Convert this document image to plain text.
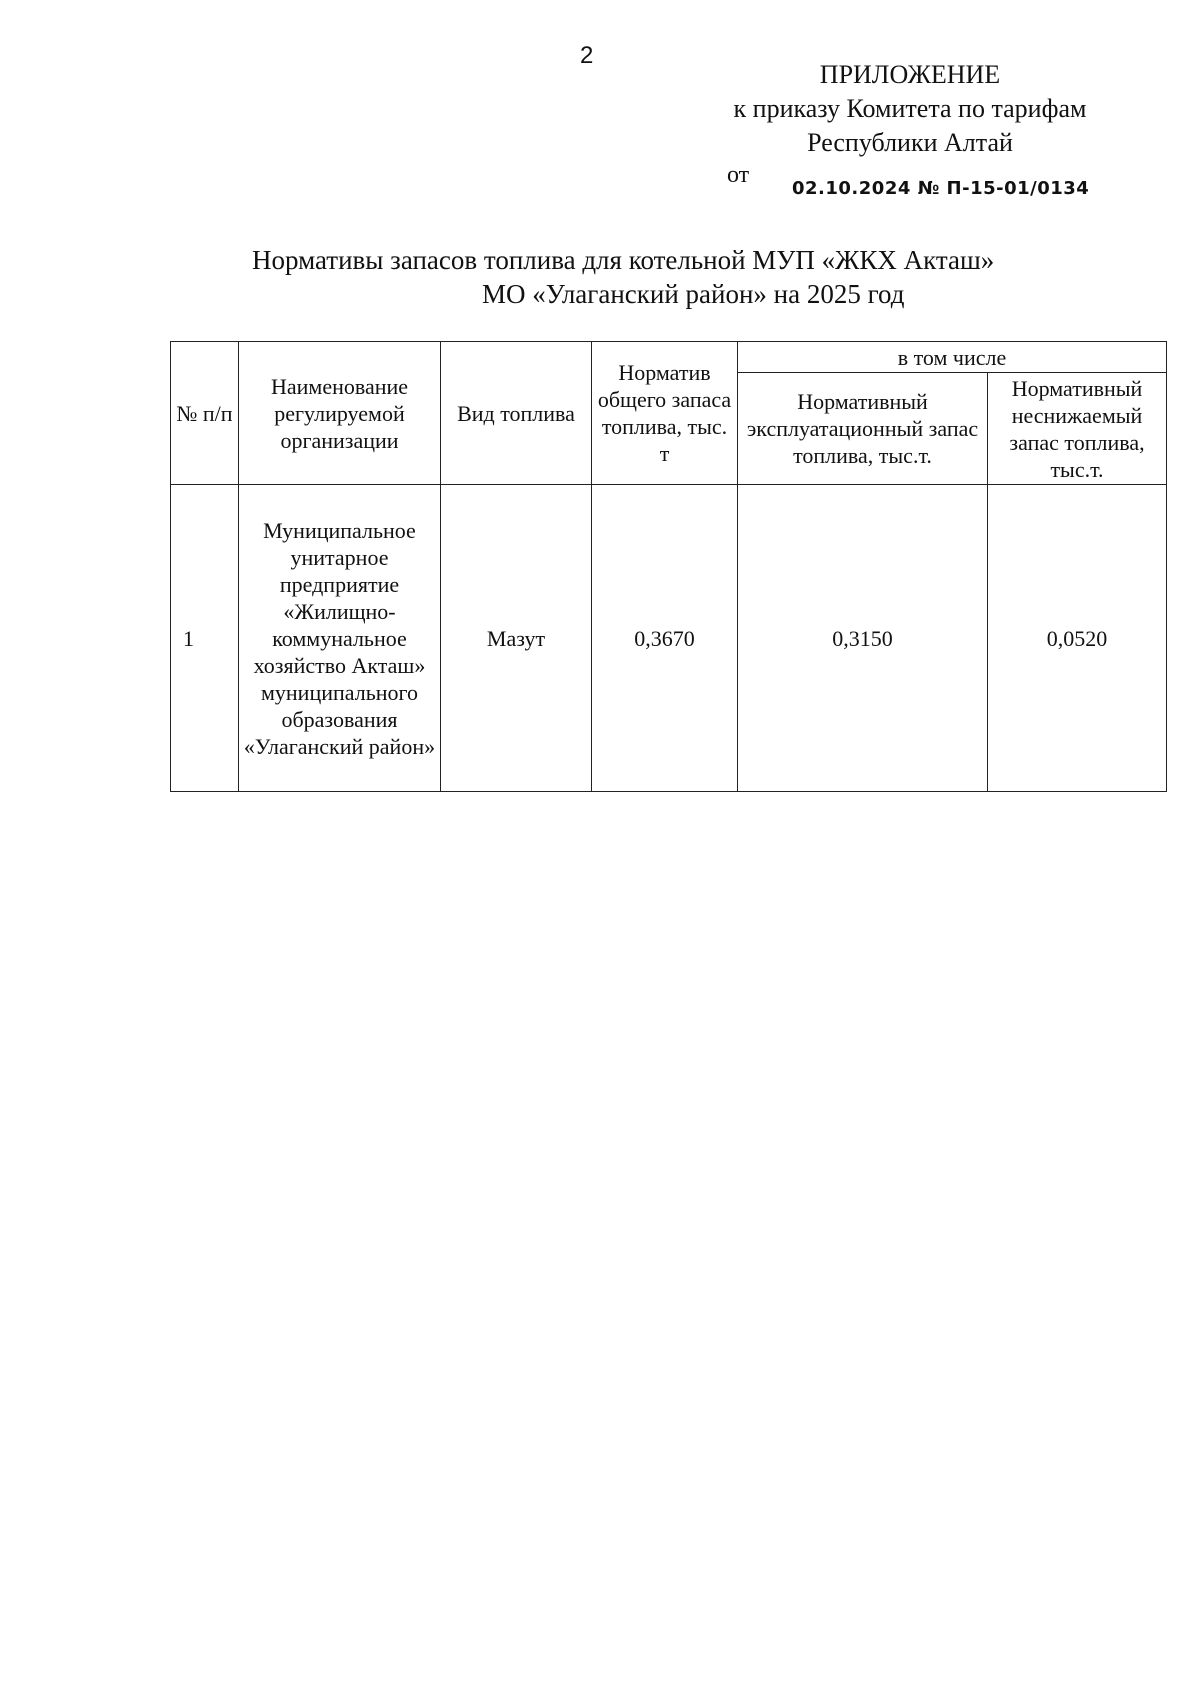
2
ПРИЛОЖЕНИЕ
к приказу Комитета по тарифам
Республики Алтай
от
02.10.2024 № П-15-01/0134
Нормативы запасов топлива для котельной МУП «ЖКХ Акташ»
МО «Улаганский район» на 2025 год
№ п/п	Наименование регулируемой организации	Вид топлива	Норматив общего запаса топлива, тыс. т	в том числе	
				Нормативный эксплуатационный запас топлива, тыс.т.	Нормативный неснижаемый запас топлива, тыс.т.
1	Муниципальное унитарное предприятие «Жилищно-коммунальное хозяйство Акташ» муниципального образования «Улаганский район»	Мазут	0,3670	0,3150	0,0520
